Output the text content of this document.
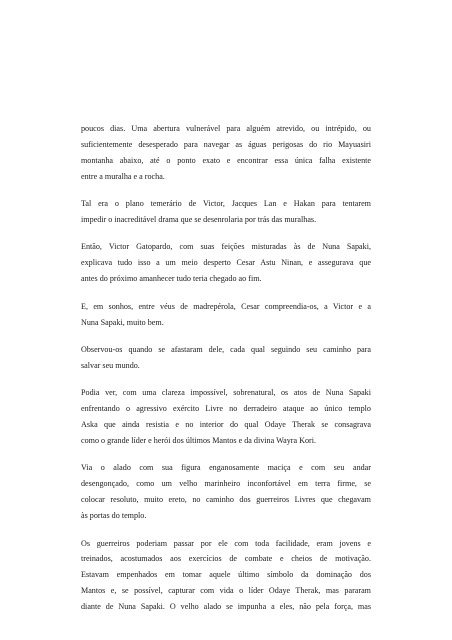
poucos dias. Uma abertura vulnerável para alguém atrevido, ou intrépido, ou
suficientemente desesperado para navegar as águas perigosas do rio Mayuasiri
montanha abaixo, até o ponto exato e encontrar essa única falha existente
entre a muralha e a rocha.

Tal era o plano temerário de Victor, Jacques Lan e Hakan para tentarem
impedir o inacreditável drama que se desenrolaria por trás das muralhas.

Então, Victor Gatopardo, com suas feições misturadas às de Nuna Sapaki,
explicava tudo isso a um meio desperto Cesar Astu Ninan, e assegurava que
antes do próximo amanhecer tudo teria chegado ao fim.

E, em sonhos, entre véus de madrepérola, Cesar compreendia-os, a Victor e a
Nuna Sapaki, muito bem.

Observou-os quando se afastaram dele, cada qual seguindo seu caminho para
salvar seu mundo.

Podia ver, com uma clareza impossível, sobrenatural, os atos de Nuna Sapaki
enfrentando o agressivo exército Livre no derradeiro ataque ao único templo
Aska que ainda resistia e no interior do qual Odaye Therak se consagrava
como o grande líder e herói dos últimos Mantos e da divina Wayra Kori.

Via o alado com sua figura enganosamente maciça e com seu andar
desengonçado, como um velho marinheiro inconfortável em terra firme, se
colocar resoluto, muito ereto, no caminho dos guerreiros Livres que chegavam
às portas do templo.

Os guerreiros poderiam passar por ele com toda facilidade, eram jovens e
treinados, acostumados aos exercícios de combate e cheios de motivação.
Estavam empenhados em tomar aquele último símbolo da dominação dos
Mantos e, se possível, capturar com vida o líder Odaye Therak, mas pararam
diante de Nuna Sapaki. O velho alado se impunha a eles, não pela força, mas
